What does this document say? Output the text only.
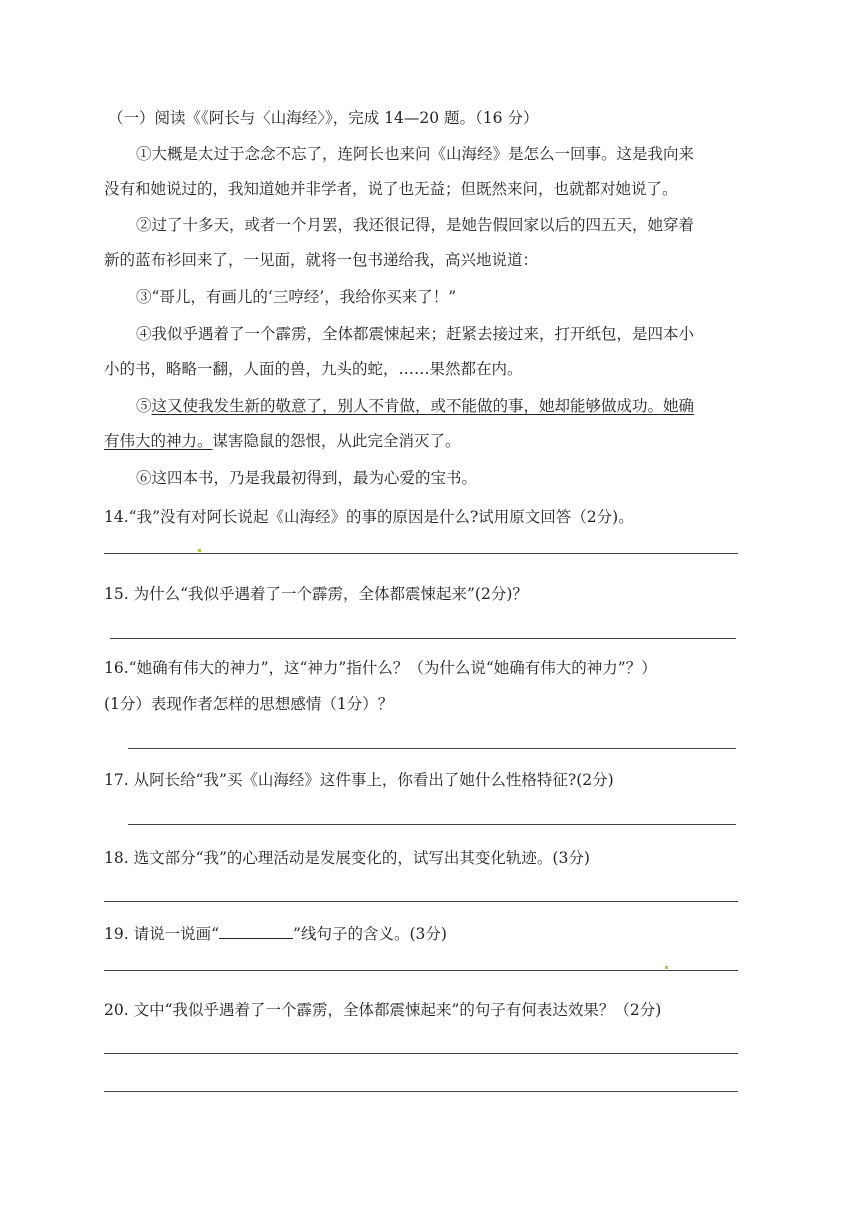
（一）阅读《《阿长与〈山海经〉》，完成 14—20 题。（16 分）
①大概是太过于念念不忘了，连阿长也来问《山海经》是怎么一回事。这是我向来
没有和她说过的，我知道她并非学者，说了也无益；但既然来问，也就都对她说了。
②过了十多天，或者一个月罢，我还很记得，是她告假回家以后的四五天，她穿着
新的蓝布衫回来了，一见面，就将一包书递给我，高兴地说道：
③“哥儿，有画儿的‘三哼经’，我给你买来了！”
④我似乎遇着了一个霹雳，全体都震悚起来；赶紧去接过来，打开纸包，是四本小
小的书，略略一翻，人面的兽，九头的蛇，……果然都在内。
⑤这又使我发生新的敬意了，别人不肯做，或不能做的事，她却能够做成功。她确
有伟大的神力。谋害隐鼠的怨恨，从此完全消灭了。
⑥这四本书，乃是我最初得到，最为心爱的宝书。
14.“我”没有对阿长说起《山海经》的事的原因是什么?试用原文回答（2分)。
15. 为什么“我似乎遇着了一个霹雳，全体都震悚起来”(2分)？
16.“她确有伟大的神力”，这“神力”指什么？（为什么说“她确有伟大的神力”？）
(1分）表现作者怎样的思想感情（1分）？
17. 从阿长给“我”买《山海经》这件事上，你看出了她什么性格特征?(2分)
18. 选文部分“我”的心理活动是发展变化的，试写出其变化轨迹。(3分)
19. 请说一说画“	”线句子的含义。(3分)
20. 文中“我似乎遇着了一个霹雳，全体都震悚起来”的句子有何表达效果？（2分)
